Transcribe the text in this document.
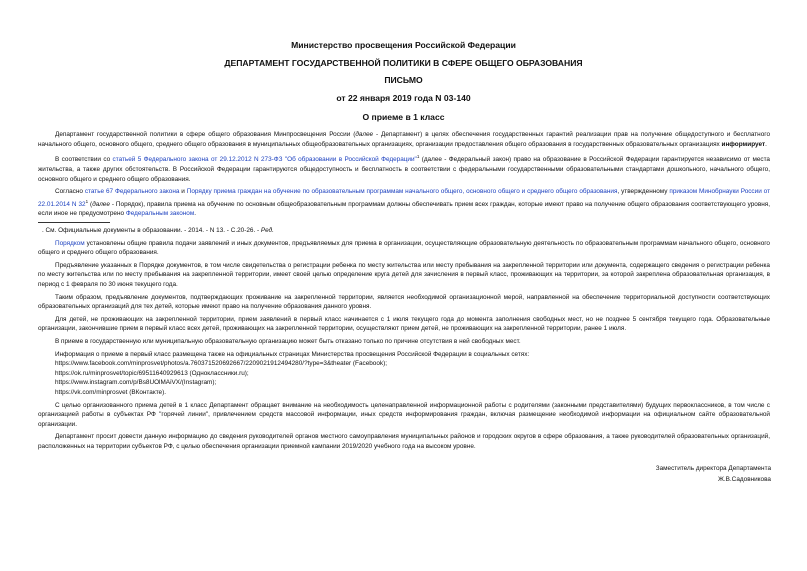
Министерство просвещения Российской Федерации
ДЕПАРТАМЕНТ ГОСУДАРСТВЕННОЙ ПОЛИТИКИ В СФЕРЕ ОБЩЕГО ОБРАЗОВАНИЯ
ПИСЬМО
от 22 января 2019 года N 03-140
О приеме в 1 класс

Департамент государственной политики в сфере общего образования Минпросвещения России (далее - Департамент) в целях обеспечения государственных гарантий реализации прав на получение общедоступного и бесплатного начального общего, основного общего, среднего общего образования в муниципальных общеобразовательных организациях, организации предоставления общего образования в государственных образовательных организациях информирует.

В соответствии со статьей 5 Федерального закона от 29.12.2012 N 273-ФЗ "Об образовании в Российской Федерации"$^1$ (далее - Федеральный закон) право на образование в Российской Федерации гарантируется независимо от места жительства, а также других обстоятельств. В Российской Федерации гарантируются общедоступность и бесплатность в соответствии с федеральными государственными образовательными стандартами дошкольного, начального общего, основного общего и среднего общего образования.

Согласно статье 67 Федерального закона и Порядку приема граждан на обучение по образовательным программам начального общего, основного общего и среднего общего образования, утвержденному приказом Минобрнауки России от 22.01.2014 N $32^1$ (далее - Порядок), правила приема на обучение по основным общеобразовательным программам должны обеспечивать прием всех граждан, которые имеют право на получение общего образования соответствующего уровня, если иное не предусмотрено Федеральным законом.

. См. Официальные документы в образовании. - 2014. - N 13. - С.20-26. - Ред.

Порядком установлены общие правила подачи заявлений и иных документов, предъявляемых для приема в организации, осуществляющие образовательную деятельность по образовательным программам начального общего, основного общего и среднего общего образования.

Предъявление указанных в Порядке документов, в том числе свидетельства о регистрации ребенка по месту жительства или месту пребывания на закрепленной территории или документа, содержащего сведения о регистрации ребенка по месту жительства или по месту пребывания на закрепленной территории, имеет своей целью определение круга детей для зачисления в первый класс, проживающих на территории, за которой закреплена образовательная организация, в период с 1 февраля по 30 июня текущего года.

Таким образом, предъявление документов, подтверждающих проживание на закрепленной территории, является необходимой организационной мерой, направленной на обеспечение территориальной доступности соответствующих образовательных организаций для тех детей, которые имеют право на получение образования данного уровня.

Для детей, не проживающих на закрепленной территории, прием заявлений в первый класс начинается с 1 июля текущего года до момента заполнения свободных мест, но не позднее 5 сентября текущего года. Образовательные организации, закончившие прием в первый класс всех детей, проживающих на закрепленной территории, осуществляют прием детей, не проживающих на закрепленной территории, ранее 1 июля.

В приеме в государственную или муниципальную образовательную организацию может быть отказано только по причине отсутствия в ней свободных мест.

Информация о приеме в первый класс размещена также на официальных страницах Министерства просвещения Российской Федерации в социальных сетях:

https://www.facebook.com/minprosvet/photos/a.760371520692667/2209021912494280/?type=3&theater (Facebook);

https://ok.ru/minprosvet/topic/69511640929613 (Одноклассники.ru);

https://www.instagram.com/p/Bs8UOlMAiVX/(Instagram);

https://vk.com/minprosvet (ВКонтакте).

С целью организованного приема детей в 1 класс Департамент обращает внимание на необходимость целенаправленной информационной работы с родителями (законными представителями) будущих первоклассников, в том числе с организацией работы в субъектах РФ "горячей линии", привлечением средств массовой информации, иных средств информирования граждан, включая размещение необходимой информации на официальном сайте образовательной организации.

Департамент просит довести данную информацию до сведения руководителей органов местного самоуправления муниципальных районов и городских округов в сфере образования, а также руководителей образовательных организаций, расположенных на территории субъектов РФ, с целью обеспечения организации приемной кампании 2019/2020 учебного года на высоком уровне.

Заместитель директора Департамента
Ж.В.Садовникова
